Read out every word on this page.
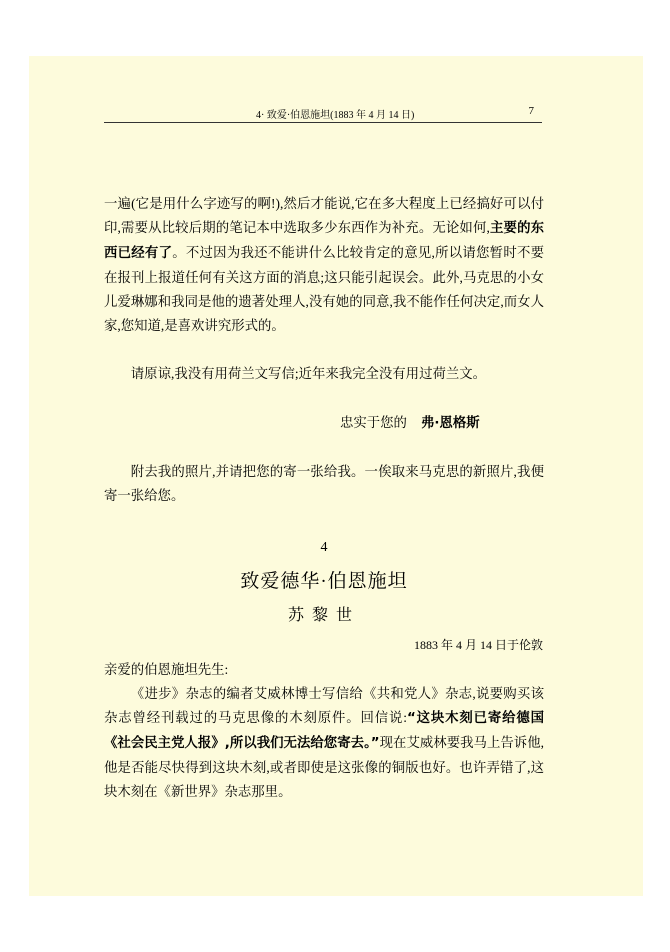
4· 致爱·伯恩施坦(1883 年 4 月 14 日)	7

一遍(它是用什么字迹写的啊!),然后才能说,它在多大程度上已经搞好可以付印,需要从比较后期的笔记本中选取多少东西作为补充。无论如何,主要的东西已经有了。不过因为我还不能讲什么比较肯定的意见,所以请您暂时不要在报刊上报道任何有关这方面的消息;这只能引起误会。此外,马克思的小女儿爱琳娜和我同是他的遗著处理人,没有她的同意,我不能作任何决定,而女人家,您知道,是喜欢讲究形式的。

请原谅,我没有用荷兰文写信;近年来我完全没有用过荷兰文。

忠实于您的 弗·恩格斯

附去我的照片,并请把您的寄一张给我。一俟取来马克思的新照片,我便寄一张给您。

4
致爱德华·伯恩施坦
苏黎世
1883 年 4 月 14 日于伦敦

亲爱的伯恩施坦先生:

《进步》杂志的编者艾威林博士写信给《共和党人》杂志,说要购买该杂志曾经刊载过的马克思像的木刻原件。回信说:“这块木刻已寄给德国《社会民主党人报》,所以我们无法给您寄去。”现在艾威林要我马上告诉他,他是否能尽快得到这块木刻,或者即使是这张像的铜版也好。也许弄错了,这块木刻在《新世界》杂志那里。
